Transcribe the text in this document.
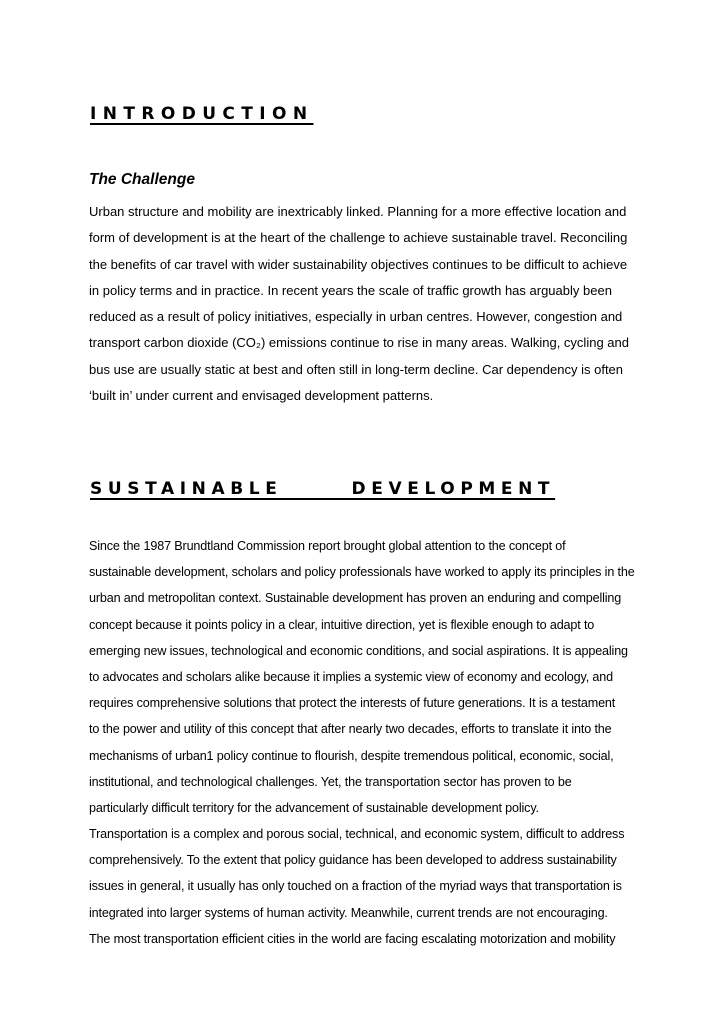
INTRODUCTION
The Challenge
Urban structure and mobility are inextricably linked. Planning for a more effective location and
form of development is at the heart of the challenge to achieve sustainable travel. Reconciling
the benefits of car travel with wider sustainability objectives continues to be difficult to achieve
in policy terms and in practice. In recent years the scale of traffic growth has arguably been
reduced as a result of policy initiatives, especially in urban centres. However, congestion and
transport carbon dioxide (CO₂) emissions continue to rise in many areas. Walking, cycling and
bus use are usually static at best and often still in long-term decline. Car dependency is often
‘built in’ under current and envisaged development patterns.
SUSTAINABLE      DEVELOPMENT
Since the 1987 Brundtland Commission report brought global attention to the concept of
sustainable development, scholars and policy professionals have worked to apply its principles in the
urban and metropolitan context. Sustainable development has proven an enduring and compelling
concept because it points policy in a clear, intuitive direction, yet is flexible enough to adapt to
emerging new issues, technological and economic conditions, and social aspirations. It is appealing
to advocates and scholars alike because it implies a systemic view of economy and ecology, and
requires comprehensive solutions that protect the interests of future generations. It is a testament
to the power and utility of this concept that after nearly two decades, efforts to translate it into the
mechanisms of urban1 policy continue to flourish, despite tremendous political, economic, social,
institutional, and technological challenges. Yet, the transportation sector has proven to be
particularly difficult territory for the advancement of sustainable development policy.
Transportation is a complex and porous social, technical, and economic system, difficult to address
comprehensively. To the extent that policy guidance has been developed to address sustainability
issues in general, it usually has only touched on a fraction of the myriad ways that transportation is
integrated into larger systems of human activity. Meanwhile, current trends are not encouraging.
The most transportation efficient cities in the world are facing escalating motorization and mobility
